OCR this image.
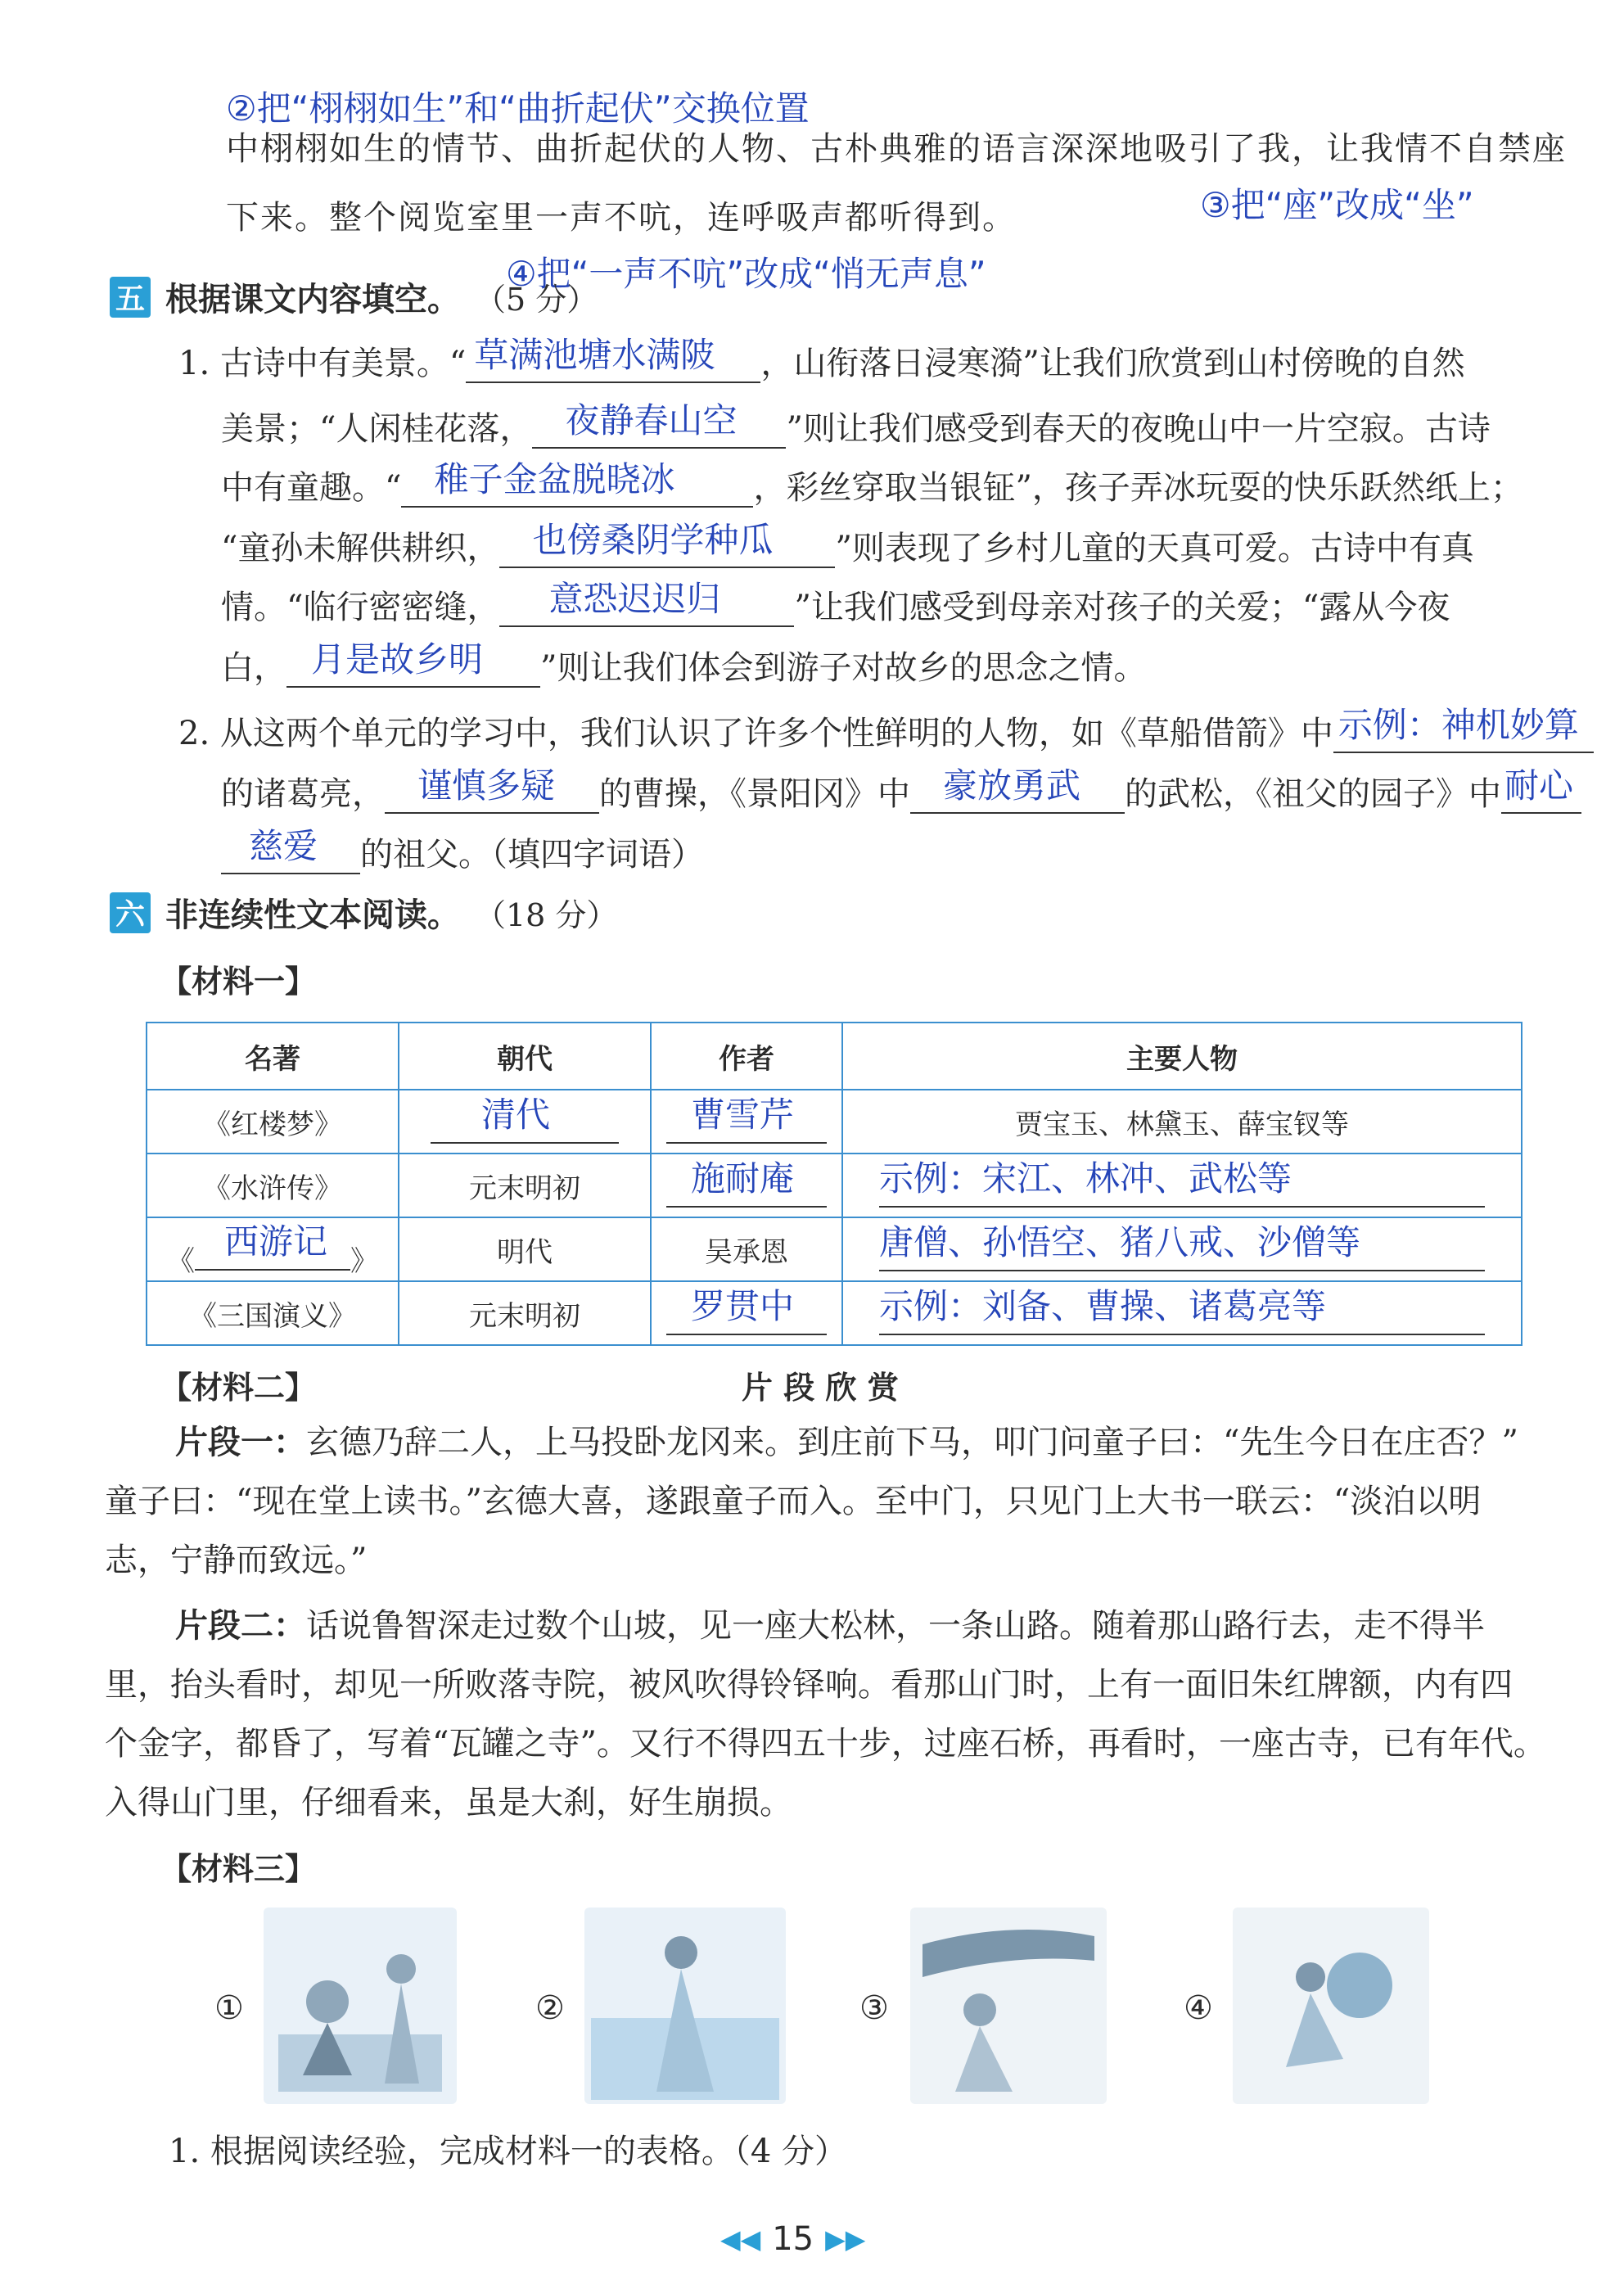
②把“栩栩如生”和“曲折起伏”交换位置
中栩栩如生的情节、曲折起伏的人物、古朴典雅的语言深深地吸引了我，让我情不自禁座
下来。整个阅览室里一声不吭，连呼吸声都听得到。	③把“座”改成“坐”
④把“一声不吭”改成“悄无声息”
五 根据课文内容填空。 （5 分）
1. 古诗中有美景。“ 草满池塘水满陂 ，山衔落日浸寒漪”让我们欣赏到山村傍晚的自然
美景；“人闲桂花落， 夜静春山空 ”则让我们感受到春天的夜晚山中一片空寂。古诗
中有童趣。“ 稚子金盆脱晓冰 ，彩丝穿取当银钲”，孩子弄冰玩耍的快乐跃然纸上；
“童孙未解供耕织， 也傍桑阴学种瓜 ”则表现了乡村儿童的天真可爱。古诗中有真
情。“临行密密缝， 意恐迟迟归 ”让我们感受到母亲对孩子的关爱；“露从今夜
白， 月是故乡明 ”则让我们体会到游子对故乡的思念之情。
2. 从这两个单元的学习中，我们认识了许多个性鲜明的人物，如《草船借箭》中 示例：神机妙算
的诸葛亮， 谨慎多疑 的曹操，《景阳冈》中 豪放勇武 的武松，《祖父的园子》中 耐心
慈爱 的祖父。（填四字词语）
六 非连续性文本阅读。 （18 分）
【材料一】
名著	朝代	作者	主要人物
《红楼梦》	清代	曹雪芹	贾宝玉、林黛玉、薛宝钗等
《水浒传》	元末明初	施耐庵	示例：宋江、林冲、武松等

《 西游记 》	明代	吴承恩	唐僧、孙悟空、猪八戒、沙僧等

《三国演义》	元末明初	罗贯中	示例：刘备、曹操、诸葛亮等
【材料二】	片 段 欣 赏
片段一：玄德乃辞二人，上马投卧龙冈来。到庄前下马，叩门问童子曰：“先生今日在庄否？”
童子曰：“现在堂上读书。”玄德大喜，遂跟童子而入。至中门，只见门上大书一联云：“淡泊以明
志，宁静而致远。”
片段二：话说鲁智深走过数个山坡，见一座大松林，一条山路。随着那山路行去，走不得半
里，抬头看时，却见一所败落寺院，被风吹得铃铎响。看那山门时，上有一面旧朱红牌额，内有四
个金字，都昏了，写着“瓦罐之寺”。又行不得四五十步，过座石桥，再看时，一座古寺，已有年代。
入得山门里，仔细看来，虽是大刹，好生崩损。
【材料三】
①	②	③	④
1. 根据阅读经验，完成材料一的表格。（4 分）
◀◀ 15 ▶▶
